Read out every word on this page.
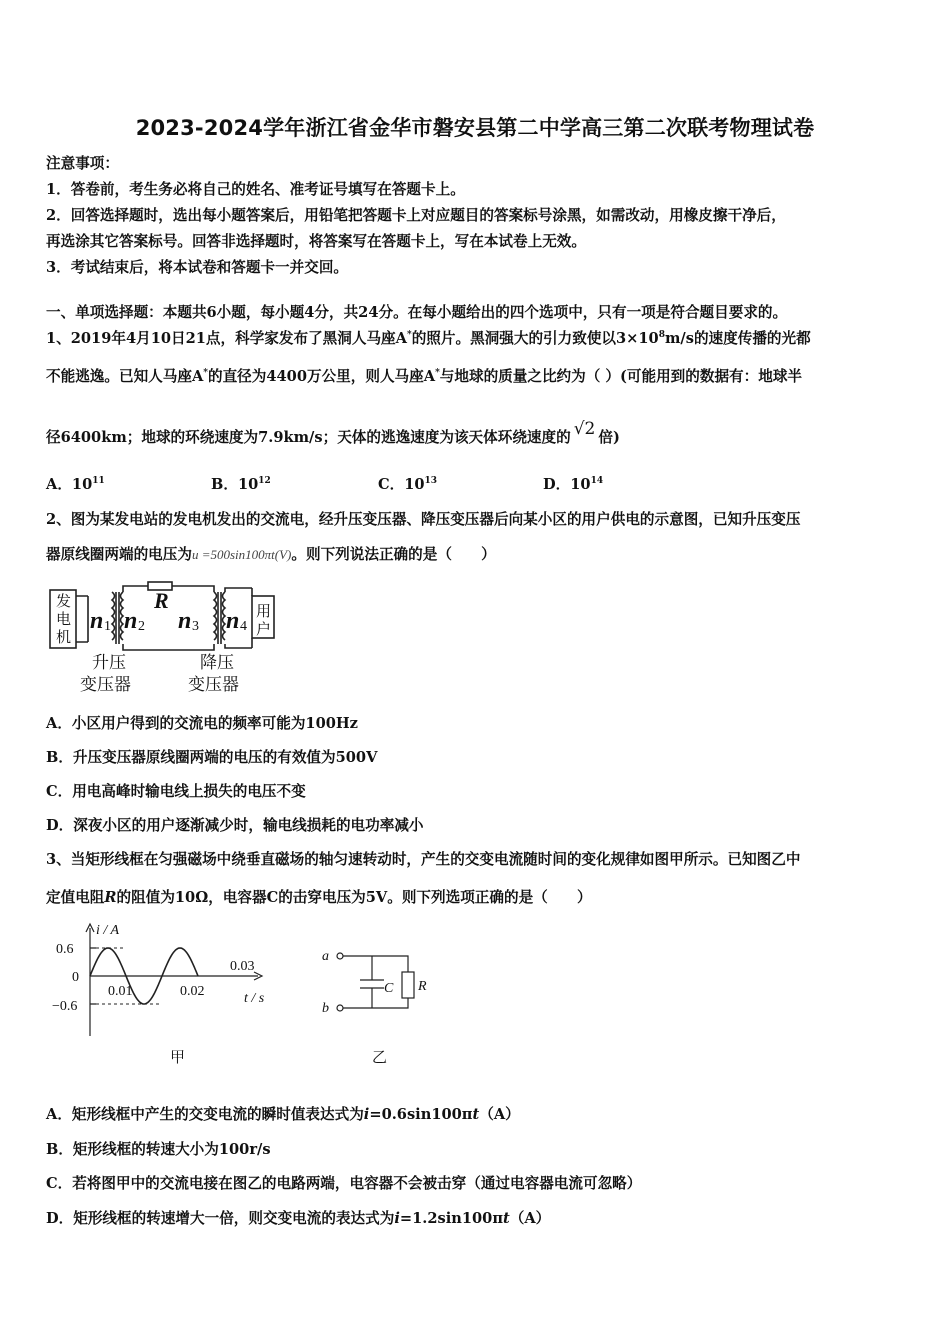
2023-2024学年浙江省金华市磐安县第二中学高三第二次联考物理试卷
注意事项：
1．答卷前，考生务必将自己的姓名、准考证号填写在答题卡上。
2．回答选择题时，选出每小题答案后，用铅笔把答题卡上对应题目的答案标号涂黑，如需改动，用橡皮擦干净后，
再选涂其它答案标号。回答非选择题时，将答案写在答题卡上，写在本试卷上无效。
3．考试结束后，将本试卷和答题卡一并交回。
一、单项选择题：本题共6小题，每小题4分，共24分。在每小题给出的四个选项中，只有一项是符合题目要求的。
1、2019年4月10日21点，科学家发布了黑洞人马座A*的照片。黑洞强大的引力致使以$3\times 10^8m/s$的速度传播的光都
不能逃逸。已知人马座A*的直径为4400万公里，则人马座A*与地球的质量之比约为（ ）(可能用到的数据有：地球半
径6400km；地球的环绕速度为7.9km/s；天体的逃逸速度为该天体环绕速度的 √2 倍)
A．$10^{11}$	B．$10^{12}$	C．$10^{13}$	D．$10^{14}$
2、图为某发电站的发电机发出的交流电，经升压变压器、降压变压器后向某小区的用户供电的示意图，已知升压变压
器原线圈两端的电压为u =500sin100πt(V)。则下列说法正确的是（　　）
发
电
机
用
户
n n n n
R
1 2	3	4
升压
变压器
降压
变压器
A．小区用户得到的交流电的频率可能为100Hz
B．升压变压器原线圈两端的电压的有效值为500V
C．用电高峰时输电线上损失的电压不变
D．深夜小区的用户逐渐减少时，输电线损耗的电功率减小
3、当矩形线框在匀强磁场中绕垂直磁场的轴匀速转动时，产生的交变电流随时间的变化规律如图甲所示。已知图乙中
定值电阻R的阻值为10Ω，电容器C的击穿电压为5V。则下列选项正确的是（　　）
i / A
0.6
0
−0.6
0.01	0.02
0.03
t / s
甲
a
b
C R
乙
A．矩形线框中产生的交变电流的瞬时值表达式为i=0.6sin100πt（A）
B．矩形线框的转速大小为100r/s
C．若将图甲中的交流电接在图乙的电路两端，电容器不会被击穿（通过电容器电流可忽略）
D．矩形线框的转速增大一倍，则交变电流的表达式为i=1.2sin100πt（A）
